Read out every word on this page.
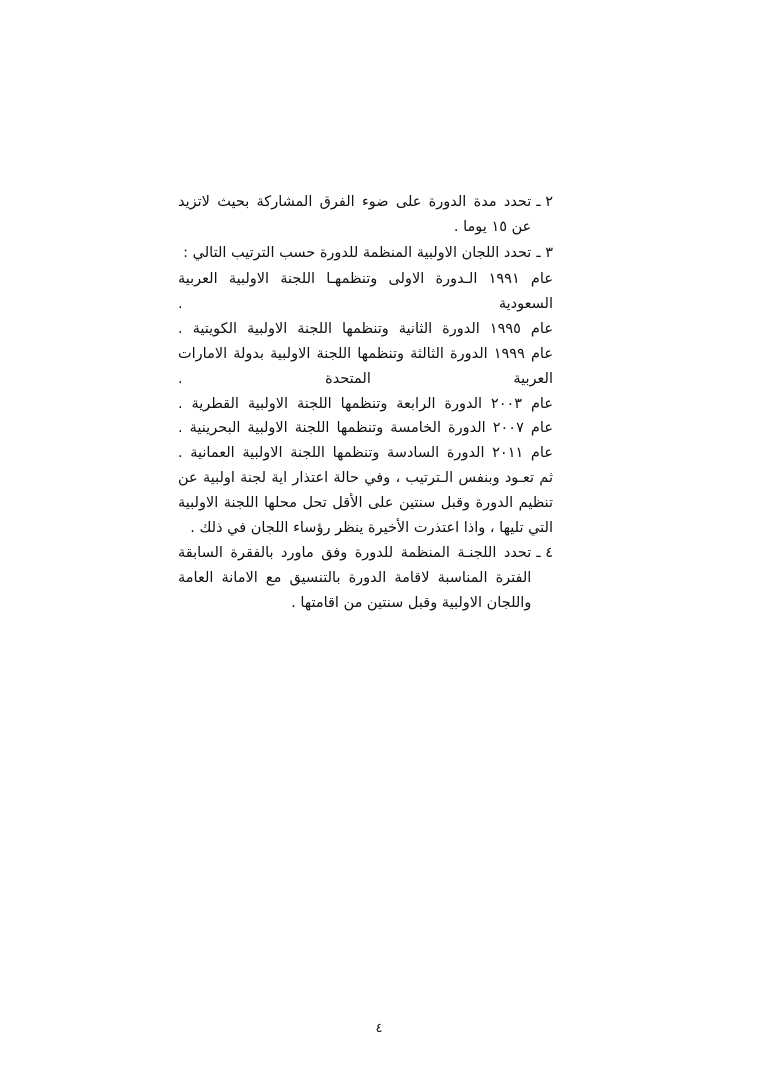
٢ ـ
تحدد مدة الدورة على ضوء الفرق المشاركة بحيث لاتزيد عن ١٥ يوما .
٣ ـ
تحدد اللجان الاولبية المنظمة للدورة حسب الترتيب التالي :

عام ١٩٩١ الـدورة الاولى وتنظمهـا اللجنة الاولبية العربية السعودية .

عام ١٩٩٥ الدورة الثانية وتنظمها اللجنة الاولبية الكويتية .

عام ١٩٩٩ الدورة الثالثة وتنظمها اللجنة الاولبية بدولة الامارات العربية المتحدة .

عام ٢٠٠٣ الدورة الرابعة وتنظمها اللجنة الاولبية القطرية .

عام ٢٠٠٧ الدورة الخامسة وتنظمها اللجنة الاولبية البحرينية .

عام ٢٠١١ الدورة السادسة وتنظمها اللجنة الاولبية العمانية .

ثم تعـود وبنفس الـترتيب ، وفي حالة اعتذار اية لجنة اولبية عن تنظيم الدورة وقبل سنتين على الأقل تحل محلها اللجنة الاولبية التي تليها ، واذا اعتذرت الأخيرة ينظر رؤساء اللجان في ذلك .

٤ ـ
تحدد اللجنـة المنظمة للدورة وفق ماورد بالفقرة السابقة الفترة المناسبة لاقامة الدورة بالتنسيق مع الامانة العامة واللجان الاولبية وقبل سنتين من اقامتها .
٤
